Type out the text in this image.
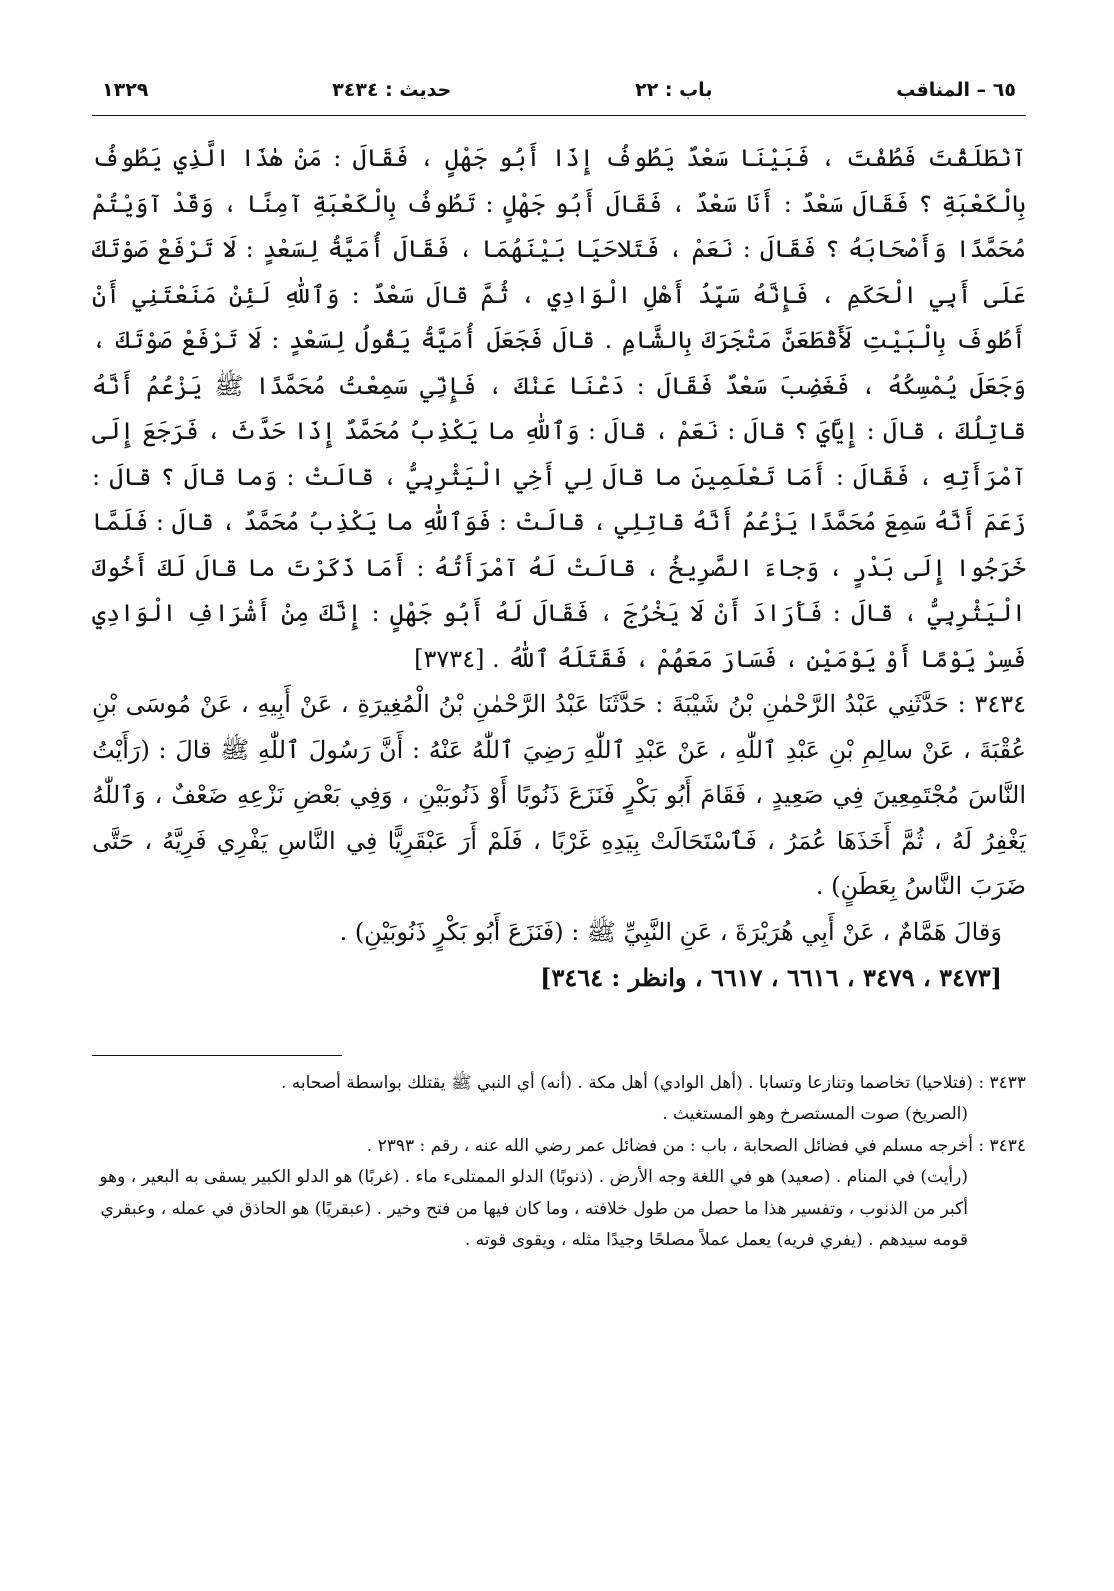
٦٥ – المناقب
باب : ٢٢
حديث : ٣٤٣٤
١٣٢٩

آنْطَلَقْتَ فَطُفْتَ ، فَبَيْنَا سَعْدٌ يَطُوفُ إِذَا أَبُو جَهْلٍ ، فَقَالَ : مَنْ هٰذَا الَّذِي يَطُوفُ بِالْكَعْبَةِ ؟ فَقَالَ سَعْدٌ : أَنَا سَعْدٌ ، فَقَالَ أَبُو جَهْلٍ : تَطُوفُ بِالْكَعْبَةِ آمِنًا ، وَقَدْ آوَيْتُمْ مُحَمَّدًا وَأَصْحَابَهُ ؟ فَقَالَ : نَعَمْ ، فَتَلاحَيَا بَيْنَهُمَا ، فَقَالَ أُمَيَّةُ لِسَعْدٍ : لَا تَرْفَعْ صَوْتَكَ عَلَى أَبِي الْحَكَمِ ، فَإِنَّهُ سَيِّدُ أَهْلِ الْوَادِي ، ثُمَّ قالَ سَعْدٌ : وَٱللّٰهِ لَئِنْ مَنَعْتَنِي أَنْ أَطُوفَ بِالْبَيْتِ لَأَقْطَعَنَّ مَتْجَرَكَ بِالشَّامِ . قالَ فَجَعَلَ أُمَيَّةُ يَقُولُ لِسَعْدٍ : لَا تَرْفَعْ صَوْتَكَ ، وَجَعَلَ يُمْسِكُهُ ، فَغَضِبَ سَعْدٌ فَقَالَ : دَعْنَا عَنْكَ ، فَإِنِّي سَمِعْتُ مُحَمَّدًا ﷺ يَزْعُمُ أَنَّهُ قاتِلُكَ ، قالَ : إِيَّايَ ؟ قالَ : نَعَمْ ، قالَ : وَٱللّٰهِ ما يَكْذِبُ مُحَمَّدٌ إِذَا حَدَّثَ ، فَرَجَعَ إِلَى آمْرَأَتِهِ ، فَقَالَ : أَمَا تَعْلَمِينَ ما قالَ لِي أَخِي الْيَثْرِبِيُّ ، قالَتْ : وَما قالَ ؟ قالَ : زَعَمَ أَنَّهُ سَمِعَ مُحَمَّدًا يَزْعُمُ أَنَّهُ قاتِلِي ، قالَتْ : فَوَٱللّٰهِ ما يَكْذِبُ مُحَمَّدٌ ، قالَ : فَلَمَّا خَرَجُوا إِلَى بَدْرٍ ، وَجاءَ الصَّرِيخُ ، قالَتْ لَهُ آمْرَأَتُهُ : أَمَا ذَكَرْتَ ما قالَ لَكَ أَخُوكَ الْيَثْرِبِيُّ ، قالَ : فَأَرَادَ أَنْ لَا يَخْرُجَ ، فَقَالَ لَهُ أَبُو جَهْلٍ : إِنَّكَ مِنْ أَشْرَافِ الْوَادِي فَسِرْ يَوْمًا أَوْ يَوْمَيْنِ ، فَسَارَ مَعَهُمْ ، فَقَتَلَهُ ٱللّٰهُ . [٣٧٣٤]

٣٤٣٤ : حَدَّثَنِي عَبْدُ الرَّحْمٰنِ بْنُ شَيْبَةَ : حَدَّثَنَا عَبْدُ الرَّحْمٰنِ بْنُ الْمُغِيرَةِ ، عَنْ أَبِيهِ ، عَنْ مُوسَى بْنِ عُقْبَةَ ، عَنْ سالِمِ بْنِ عَبْدِ ٱللّٰهِ ، عَنْ عَبْدِ ٱللّٰهِ رَضِيَ ٱللّٰهُ عَنْهُ : أَنَّ رَسُولَ ٱللّٰهِ ﷺ قالَ : (رَأَيْتُ النَّاسَ مُجْتَمِعِينَ فِي صَعِيدٍ ، فَقَامَ أَبُو بَكْرٍ فَنَزَعَ ذَنُوبًا أَوْ ذَنُوبَيْنِ ، وَفِي بَعْضِ نَزْعِهِ ضَعْفٌ ، وَٱللّٰهُ يَغْفِرُ لَهُ ، ثُمَّ أَخَذَهَا عُمَرُ ، فَٱسْتَحَالَتْ بِيَدِهِ غَرْبًا ، فَلَمْ أَرَ عَبْقَرِيًّا فِي النَّاسِ يَفْرِي فَرِيَّهُ ، حَتَّى ضَرَبَ النَّاسُ بِعَطَنٍ) .

وَقالَ هَمَّامٌ ، عَنْ أَبِي هُرَيْرَةَ ، عَنِ النَّبِيِّ ﷺ : (فَنَزَعَ أَبُو بَكْرٍ ذَنُوبَيْنِ) .

[٣٤٧٣ ، ٣٤٧٩ ، ٦٦١٦ ، ٦٦١٧ ، وانظر : ٣٤٦٤]

٣٤٣٣ : (فتلاحيا) تخاصما وتنازعا وتسابا . (أهل الوادي) أهل مكة . (أنه) أي النبي ﷺ يقتلك بواسطة أصحابه .

(الصريخ) صوت المستصرخ وهو المستغيث .

٣٤٣٤ : أخرجه مسلم في فضائل الصحابة ، باب : من فضائل عمر رضي الله عنه ، رقم : ٢٣٩٣ .

(رأيت) في المنام . (صعيد) هو في اللغة وجه الأرض . (ذنوبًا) الدلو الممتلىء ماء . (غربًا) هو الدلو الكبير يسقى به البعير ، وهو أكبر من الذنوب ، وتفسير هذا ما حصل من طول خلافته ، وما كان فيها من فتح وخير . (عبقريًا) هو الحاذق في عمله ، وعبقري قومه سيدهم . (يفري فريه) يعمل عملاً مصلحًا وجيدًا مثله ، ويقوى قوته .
